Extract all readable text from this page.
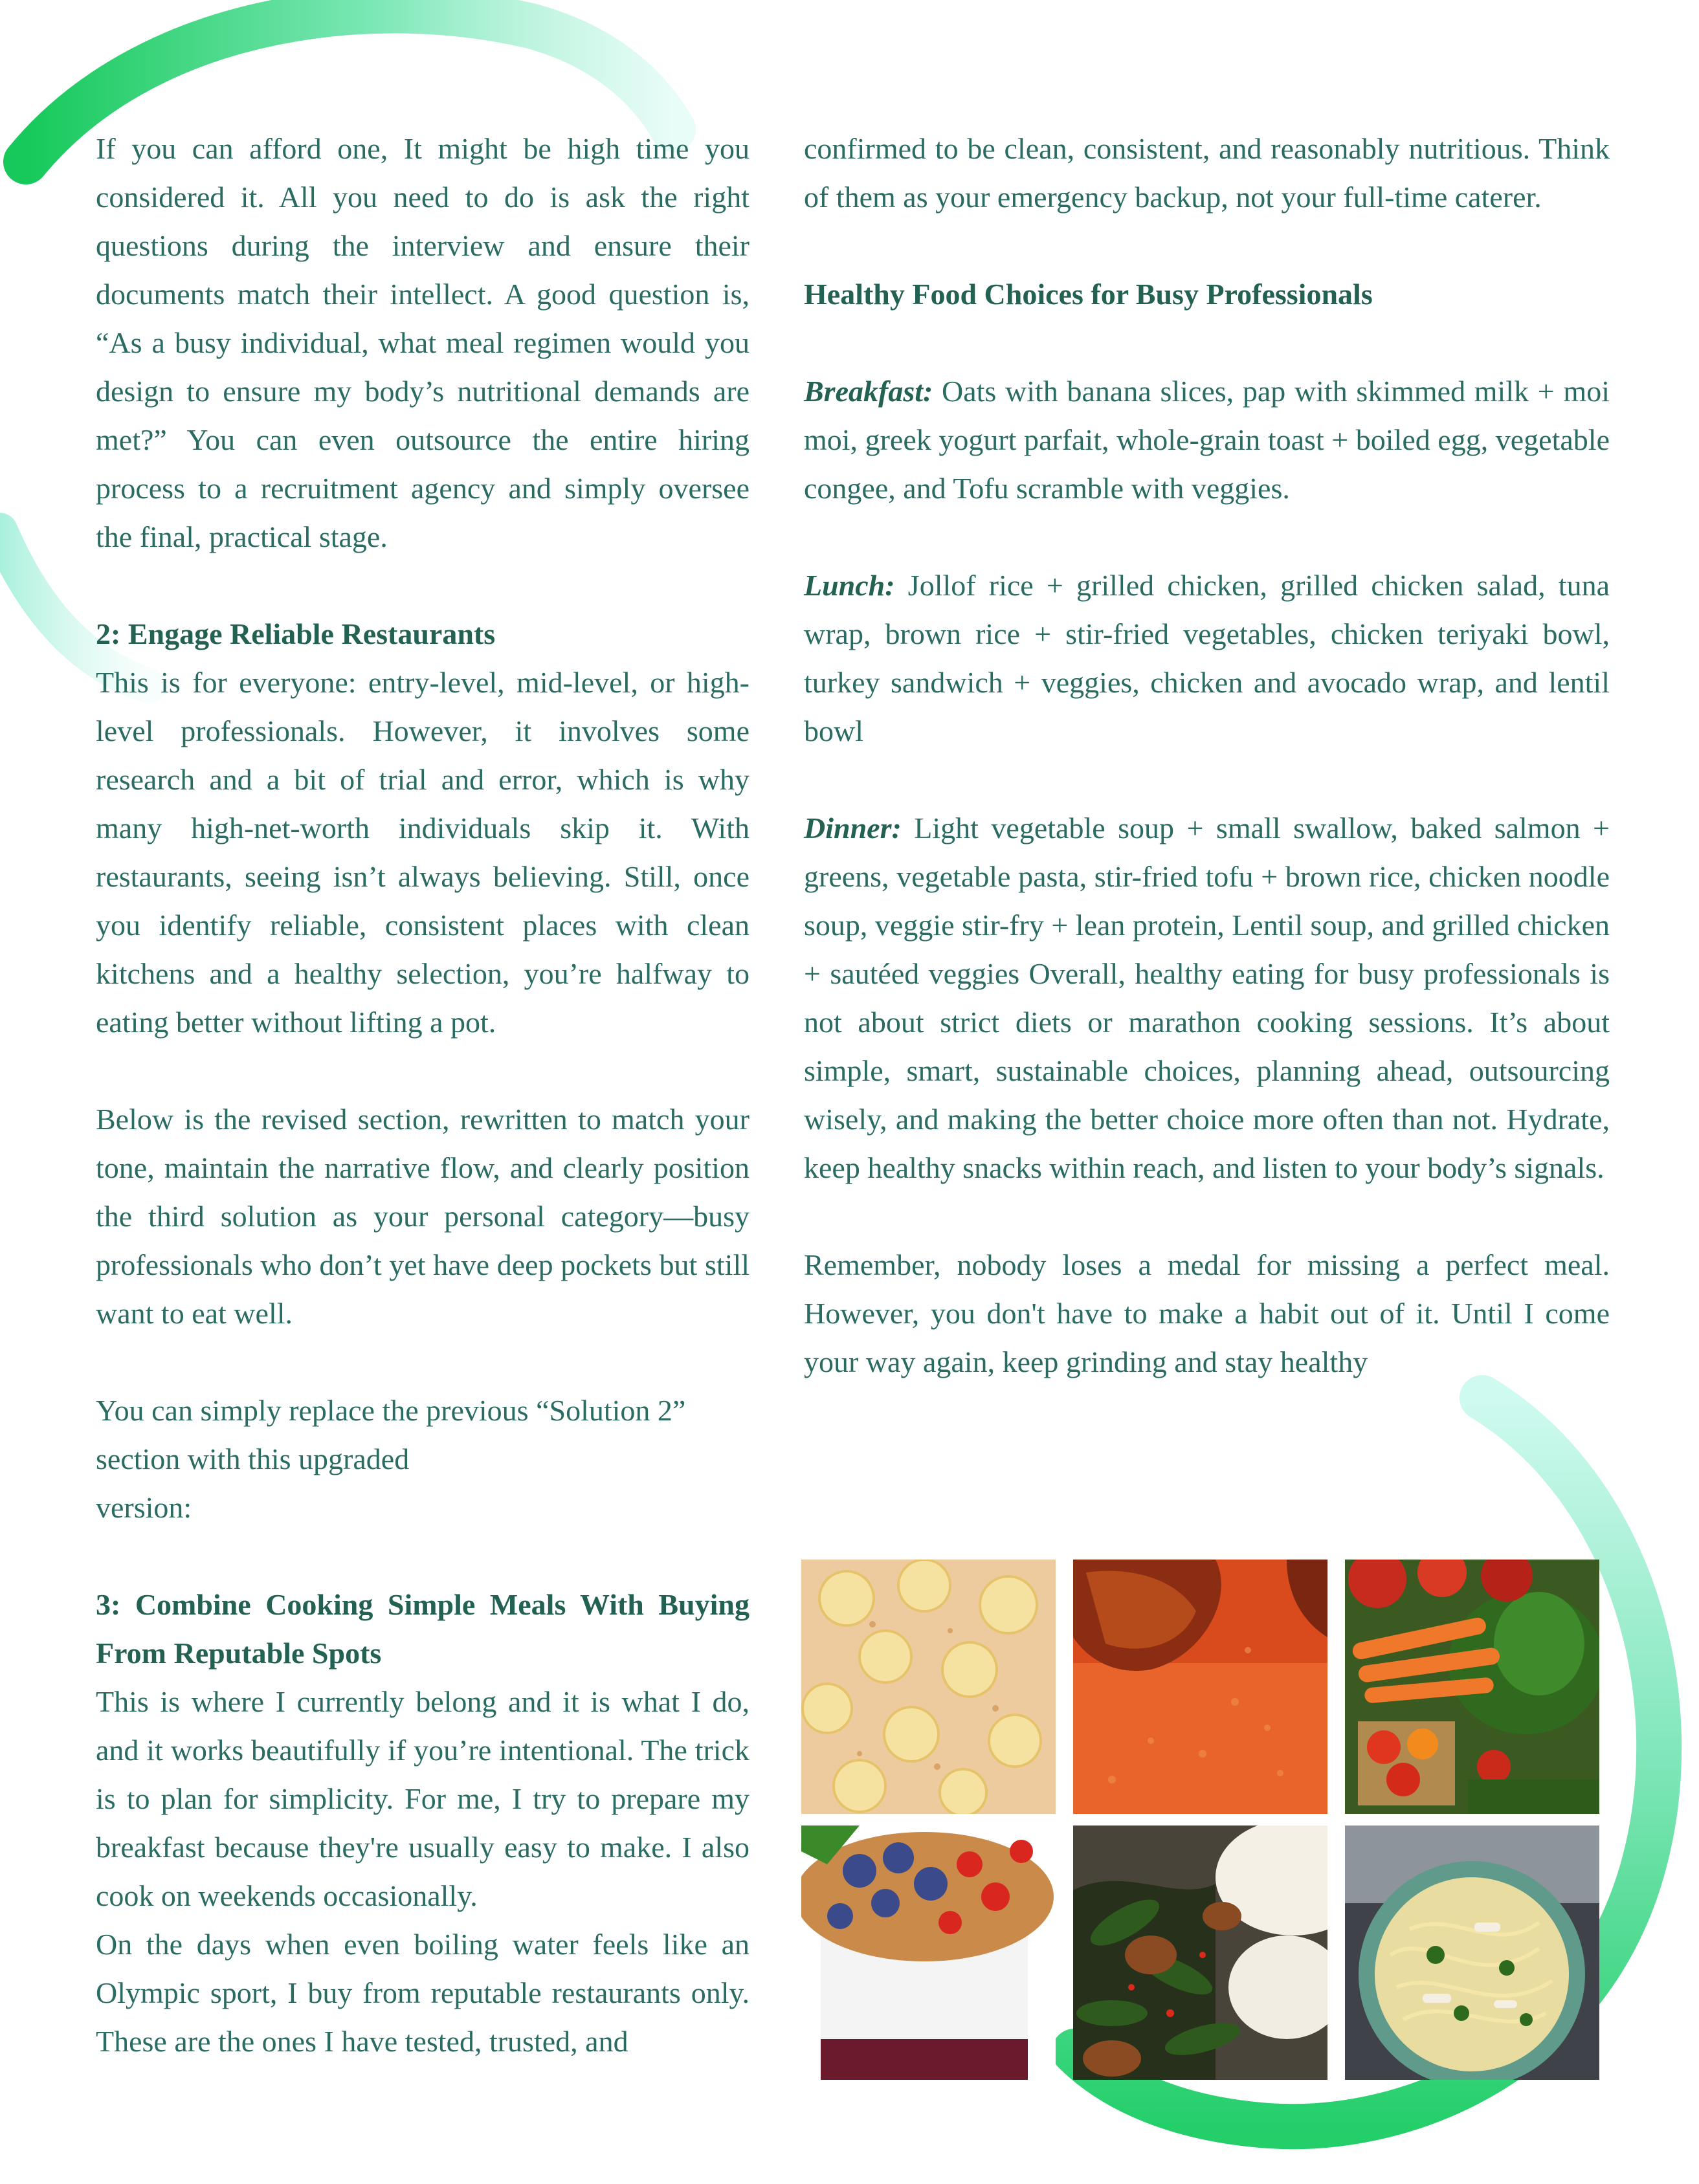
If you can afford one, It might be high time you considered it. All you need to do is ask the right questions during the interview and ensure their documents match their intellect. A good question is, “As a busy individual, what meal regimen would you design to ensure my body’s nutritional demands are met?” You can even outsource the entire hiring process to a recruitment agency and simply oversee the final, practical stage.

2: Engage Reliable Restaurants

This is for everyone: entry-level, mid-level, or high-level professionals. However, it involves some research and a bit of trial and error, which is why many high-net-worth individuals skip it. With restaurants, seeing isn’t always believing. Still, once you identify reliable, consistent places with clean kitchens and a healthy selection, you’re halfway to eating better without lifting a pot.

Below is the revised section, rewritten to match your tone, maintain the narrative flow, and clearly position the third solution as your personal category—busy professionals who don’t yet have deep pockets but still want to eat well.

You can simply replace the previous “Solution 2” section with this upgraded
version:

3: Combine Cooking Simple Meals With Buying From Reputable Spots

This is where I currently belong and it is what I do, and it works beautifully if you’re intentional. The trick is to plan for simplicity. For me, I try to prepare my breakfast because they're usually easy to make. I also cook on weekends occasionally.

On the days when even boiling water feels like an Olympic sport, I buy from reputable restaurants only. These are the ones I have tested, trusted, and

confirmed to be clean, consistent, and reasonably nutritious. Think of them as your emergency backup, not your full-time caterer.

Healthy Food Choices for Busy Professionals

Breakfast: Oats with banana slices, pap with skimmed milk + moi moi, greek yogurt parfait, whole-grain toast + boiled egg, vegetable congee, and Tofu scramble with veggies.

Lunch: Jollof rice + grilled chicken, grilled chicken salad, tuna wrap, brown rice + stir-fried vegetables, chicken teriyaki bowl, turkey sandwich + veggies, chicken and avocado wrap, and lentil bowl

Dinner: Light vegetable soup + small swallow, baked salmon + greens, vegetable pasta, stir-fried tofu + brown rice, chicken noodle soup, veggie stir-fry + lean protein, Lentil soup, and grilled chicken + sautéed veggies Overall, healthy eating for busy professionals is not about strict diets or marathon cooking sessions. It’s about simple, smart, sustainable choices, planning ahead, outsourcing wisely, and making the better choice more often than not. Hydrate, keep healthy snacks within reach, and listen to your body’s signals.

Remember, nobody loses a medal for missing a perfect meal. However, you don't have to make a habit out of it. Until I come your way again, keep grinding and stay healthy
